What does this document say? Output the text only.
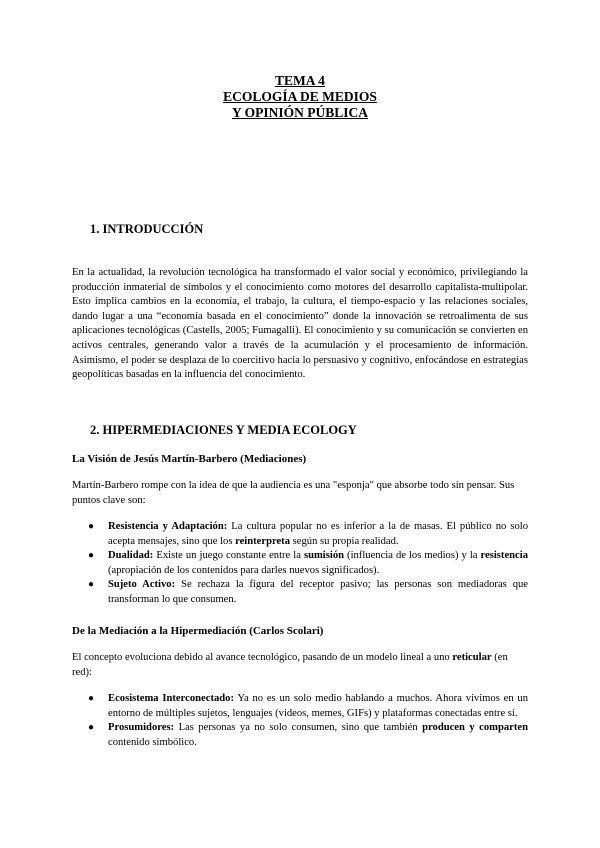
TEMA 4

ECOLOGÍA DE MEDIOS

Y OPINIÓN PÚBLICA

1. INTRODUCCIÓN

En la actualidad, la revolución tecnológica ha transformado el valor social y económico, privilegiando la producción inmaterial de símbolos y el conocimiento como motores del desarrollo capitalista-multipolar. Esto implica cambios en la economía, el trabajo, la cultura, el tiempo-espacio y las relaciones sociales, dando lugar a una “economía basada en el conocimiento” donde la innovación se retroalimenta de sus aplicaciones tecnológicas (Castells, 2005; Fumagalli). El conocimiento y su comunicación se convierten en activos centrales, generando valor a través de la acumulación y el procesamiento de información. Asimismo, el poder se desplaza de lo coercitivo hacia lo persuasivo y cognitivo, enfocándose en estrategias geopolíticas basadas en la influencia del conocimiento.

2. HIPERMEDIACIONES Y MEDIA ECOLOGY
La Visión de Jesús Martín-Barbero (Mediaciones)

Martín-Barbero rompe con la idea de que la audiencia es una "esponja" que absorbe todo sin pensar. Sus puntos clave son:

● Resistencia y Adaptación: La cultura popular no es inferior a la de masas. El público no solo acepta mensajes, sino que los reinterpreta según su propia realidad.
● Dualidad: Existe un juego constante entre la sumisión (influencia de los medios) y la resistencia (apropiación de los contenidos para darles nuevos significados).
● Sujeto Activo: Se rechaza la figura del receptor pasivo; las personas son mediadoras que transforman lo que consumen.
De la Mediación a la Hipermediación (Carlos Scolari)

El concepto evoluciona debido al avance tecnológico, pasando de un modelo lineal a uno reticular (en red):

● Ecosistema Interconectado: Ya no es un solo medio hablando a muchos. Ahora vivimos en un entorno de múltiples sujetos, lenguajes (videos, memes, GIFs) y plataformas conectadas entre sí.
● Prosumidores: Las personas ya no solo consumen, sino que también producen y comparten contenido simbólico.
